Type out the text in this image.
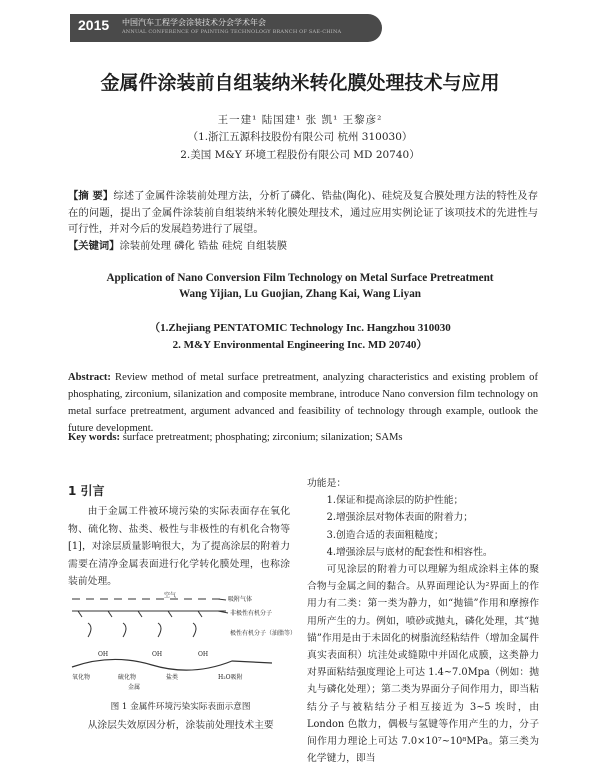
2015 中国汽车工程学会涂装技术分会学术年会
ANNUAL CONFERENCE OF PAINTING TECHNOLOGY BRANCH OF SAE-CHINA
金属件涂装前自组装纳米转化膜处理技术与应用
王一建¹ 陆国建¹ 张 凯¹ 王黎彦²
（1.浙江五源科技股份有限公司 杭州 310030）
2.美国 M&Y 环境工程股份有限公司 MD 20740）
【摘 要】综述了金属件涂装前处理方法，分析了磷化、锆盐(陶化)、硅烷及复合膜处理方法的特性及存在的问题，提出了金属件涂装前自组装纳米转化膜处理技术，通过应用实例论证了该项技术的先进性与可行性，并对今后的发展趋势进行了展望。
【关键词】涂装前处理 磷化 锆盐 硅烷 自组装膜
Application of Nano Conversion Film Technology on Metal Surface Pretreatment
Wang Yijian, Lu Guojian, Zhang Kai, Wang Liyan
（1.Zhejiang PENTATOMIC Technology Inc. Hangzhou 310030
2. M&Y Environmental Engineering Inc. MD 20740）
Abstract: Review method of metal surface pretreatment, analyzing characteristics and existing problem of phosphating, zirconium, silanization and composite membrane, introduce Nano conversion film technology on metal surface pretreatment, argument advanced and feasibility of technology through example, outlook the future development.
Key words: surface pretreatment; phosphating; zirconium; silanization; SAMs
1 引言
由于金属工件被环境污染的实际表面存在氧化物、硫化物、盐类、极性与非极性的有机化合物等[1]，对涂层质量影响很大，为了提高涂层的附着力需要在清净金属表面进行化学转化膜处理，也称涂装前处理。
空气
吸附气体
非极性有机分子
极性有机分子（油脂等）
氧化物	硫化物	盐类	H₂O吸附
金属
OH	OH	OH
图 1 金属件环境污染实际表面示意图
从涂层失效原因分析，涂装前处理技术主要

功能是：

1.保证和提高涂层的防护性能；

2.增强涂层对物体表面的附着力；

3.创造合适的表面粗糙度；

4.增强涂层与底材的配套性和相容性。

可见涂层的附着力可以理解为组成涂料主体的聚合物与金属之间的黏合。从界面理论认为²界面上的作用力有二类：第一类为静力，如“抛锚”作用和摩擦作用所产生的力。例如，喷砂或抛丸，磷化处理，其“抛锚”作用是由于未固化的树脂流经粘结件（增加金属件真实表面积）坑洼处或缝隙中并固化成膜，这类静力对界面粘结强度理论上可达 1.4~7.0Mpa（例如：抛丸与磷化处理）；第二类为界面分子间作用力，即当粘结分子与被粘结分子相互接近为 3~5 埃时，由 London 色散力，偶极与氢键等作用产生的力，分子间作用力理论上可达 7.0×10⁷~10⁸MPa。第三类为化学键力，即当
